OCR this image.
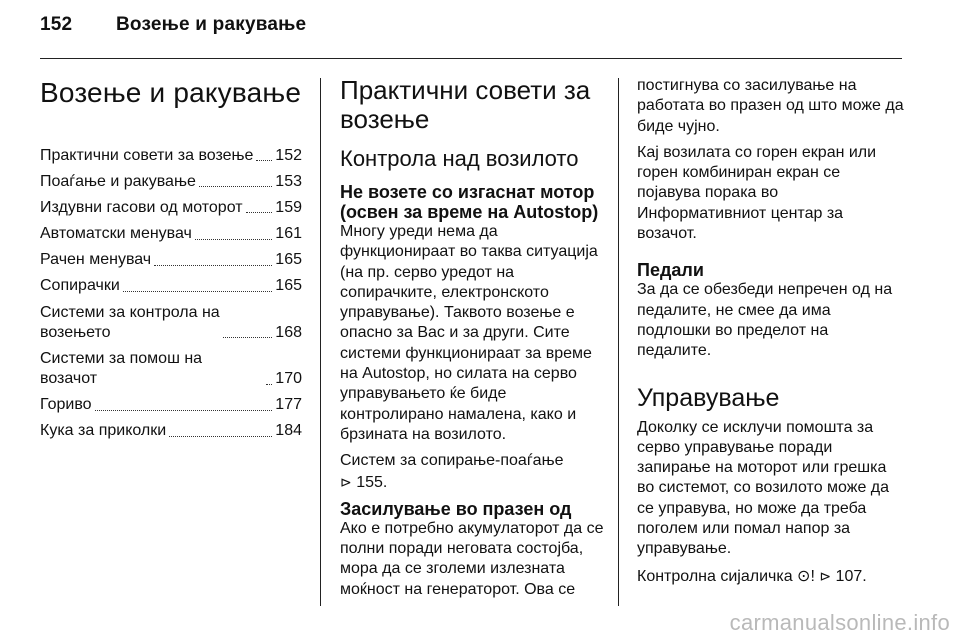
152 Возење и ракување
Возење и ракување
Практични совети за возење 152
Поаѓање и ракување	153
Издувни гасови од моторот 159
Автоматски менувач	161
Рачен менувач	165
Сопирачки	165
Системи за контрола на
возењето	168
Системи за помош на возачот	170
Гориво	177
Кука за приколки	184
Практични совети за возење
Контрола над возилото
Не возете со изгаснат мотор (освен за време на Autostop)

Многу уреди нема да функционираат во таква ситуација (на пр. серво уредот на сопирачките, електронското управување). Таквото возење е опасно за Вас и за други. Сите системи функционираат за време на Autostop, но силата на серво управувањето ќе биде контролирано намалена, како и брзината на возилото.

Систем за сопирање-поаѓање
⊳ 155.

Засилување во празен од

Ако е потребно акумулаторот да се полни поради неговата состојба, мора да се зголеми излезната моќност на генераторот. Ова се

постигнува со засилување на работата во празен од што може да биде чујно.

Кај возилата со горен екран или горен комбиниран екран се појавува порака во Информативниот центар за возачот.

Педали

За да се обезбеди непречен од на педалите, не смее да има подлошки во пределот на педалите.

Управување

Доколку се исклучи помошта за серво управување поради запирање на моторот или грешка во системот, со возилото може да се управува, но може да треба поголем или помал напор за управување.

Контролна сијаличка ⊙! ⊳ 107.

carmanualsonline.info
